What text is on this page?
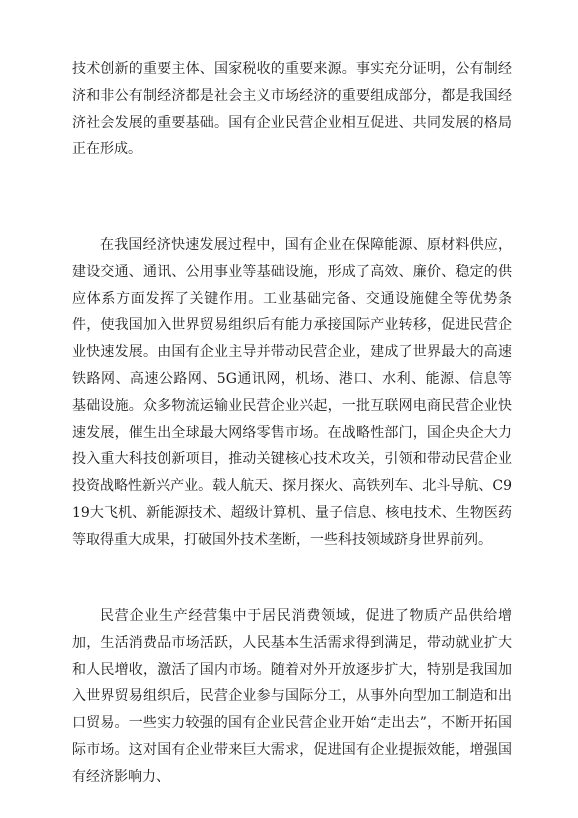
技术创新的重要主体、国家税收的重要来源。事实充分证明，公有制经济和非公有制经济都是社会主义市场经济的重要组成部分，都是我国经济社会发展的重要基础。国有企业民营企业相互促进、共同发展的格局正在形成。

在我国经济快速发展过程中，国有企业在保障能源、原材料供应，建设交通、通讯、公用事业等基础设施，形成了高效、廉价、稳定的供应体系方面发挥了关键作用。工业基础完备、交通设施健全等优势条件，使我国加入世界贸易组织后有能力承接国际产业转移，促进民营企业快速发展。由国有企业主导并带动民营企业，建成了世界最大的高速铁路网、高速公路网、5G通讯网，机场、港口、水利、能源、信息等基础设施。众多物流运输业民营企业兴起，一批互联网电商民营企业快速发展，催生出全球最大网络零售市场。在战略性部门，国企央企大力投入重大科技创新项目，推动关键核心技术攻关，引领和带动民营企业投资战略性新兴产业。载人航天、探月探火、高铁列车、北斗导航、C919大飞机、新能源技术、超级计算机、量子信息、核电技术、生物医药等取得重大成果，打破国外技术垄断，一些科技领域跻身世界前列。

民营企业生产经营集中于居民消费领域，促进了物质产品供给增加，生活消费品市场活跃，人民基本生活需求得到满足，带动就业扩大和人民增收，激活了国内市场。随着对外开放逐步扩大，特别是我国加入世界贸易组织后，民营企业参与国际分工，从事外向型加工制造和出口贸易。一些实力较强的国有企业民营企业开始“走出去”，不断开拓国际市场。这对国有企业带来巨大需求，促进国有企业提振效能，增强国有经济影响力、
